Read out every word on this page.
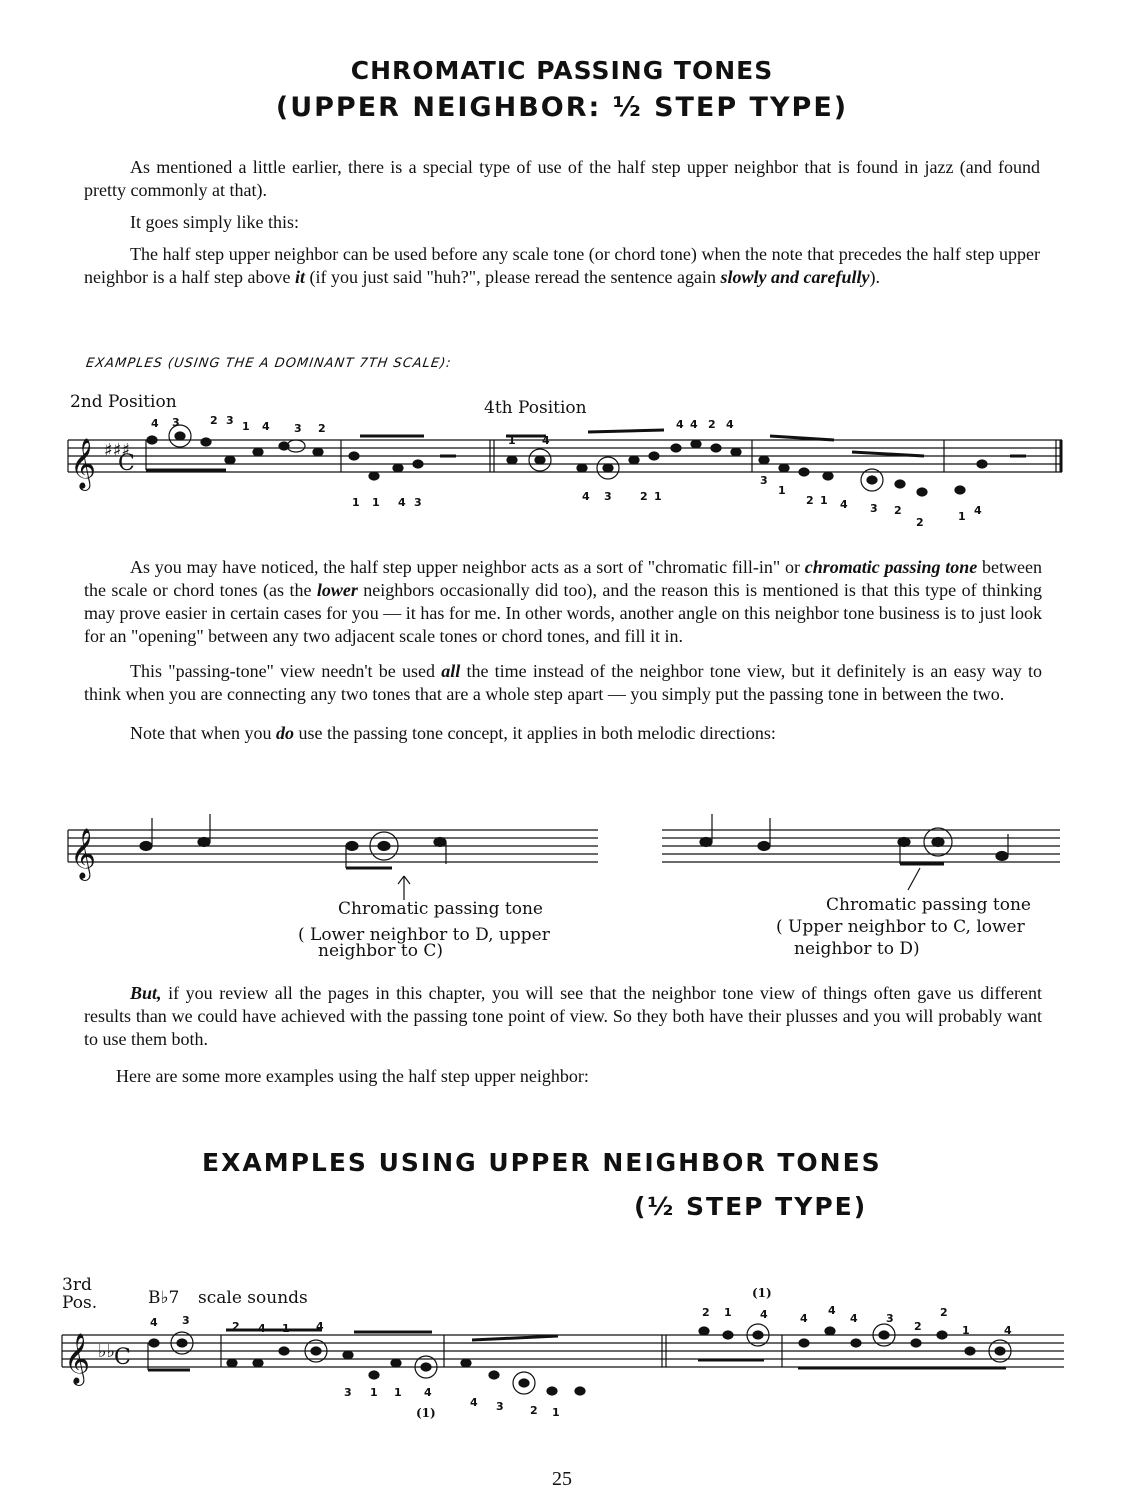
CHROMATIC PASSING TONES
(UPPER NEIGHBOR: ½ STEP TYPE)

As mentioned a little earlier, there is a special type of use of the half step upper neighbor that is found in jazz (and found pretty commonly at that).

It goes simply like this:

The half step upper neighbor can be used before any scale tone (or chord tone) when the note that precedes the half step upper neighbor is a half step above it (if you just said "huh?", please reread the sentence again slowly and carefully).

EXAMPLES (USING THE A DOMINANT 7TH SCALE):
2nd Position	4th Position
𝄞 ♯♯♯
C
𝄞
𝄞 ♭♭ C
4 3	2 3 1 4 3 2
1 1 4 3
1 4
4 3	2 1
4 4 2 4
3
1
2 1 4 3 2
2	1 4
4 3	2 4 1 4
3 1 1 4
4 3 2 1
2 1	4	4
4
4	3
2
2
1	4

As you may have noticed, the half step upper neighbor acts as a sort of "chromatic fill-in" or chromatic passing tone between the scale or chord tones (as the lower neighbors occasionally did too), and the reason this is mentioned is that this type of thinking may prove easier in certain cases for you — it has for me. In other words, another angle on this neighbor tone business is to just look for an "opening" between any two adjacent scale tones or chord tones, and fill it in.

This "passing-tone" view needn't be used all the time instead of the neighbor tone view, but it definitely is an easy way to think when you are connecting any two tones that are a whole step apart — you simply put the passing tone in between the two.

Note that when you do use the passing tone concept, it applies in both melodic directions:

Chromatic passing tone
( Lower neighbor to D, upper
neighbor to C)
Chromatic passing tone
( Upper neighbor to C, lower
neighbor to D)

But, if you review all the pages in this chapter, you will see that the neighbor tone view of things often gave us different results than we could have achieved with the passing tone point of view. So they both have their plusses and you will probably want to use them both.

Here are some more examples using the half step upper neighbor:

EXAMPLES USING UPPER NEIGHBOR TONES
(½ STEP TYPE)
3rd
Pos.	B♭7 scale sounds
(1)
(1)
25
